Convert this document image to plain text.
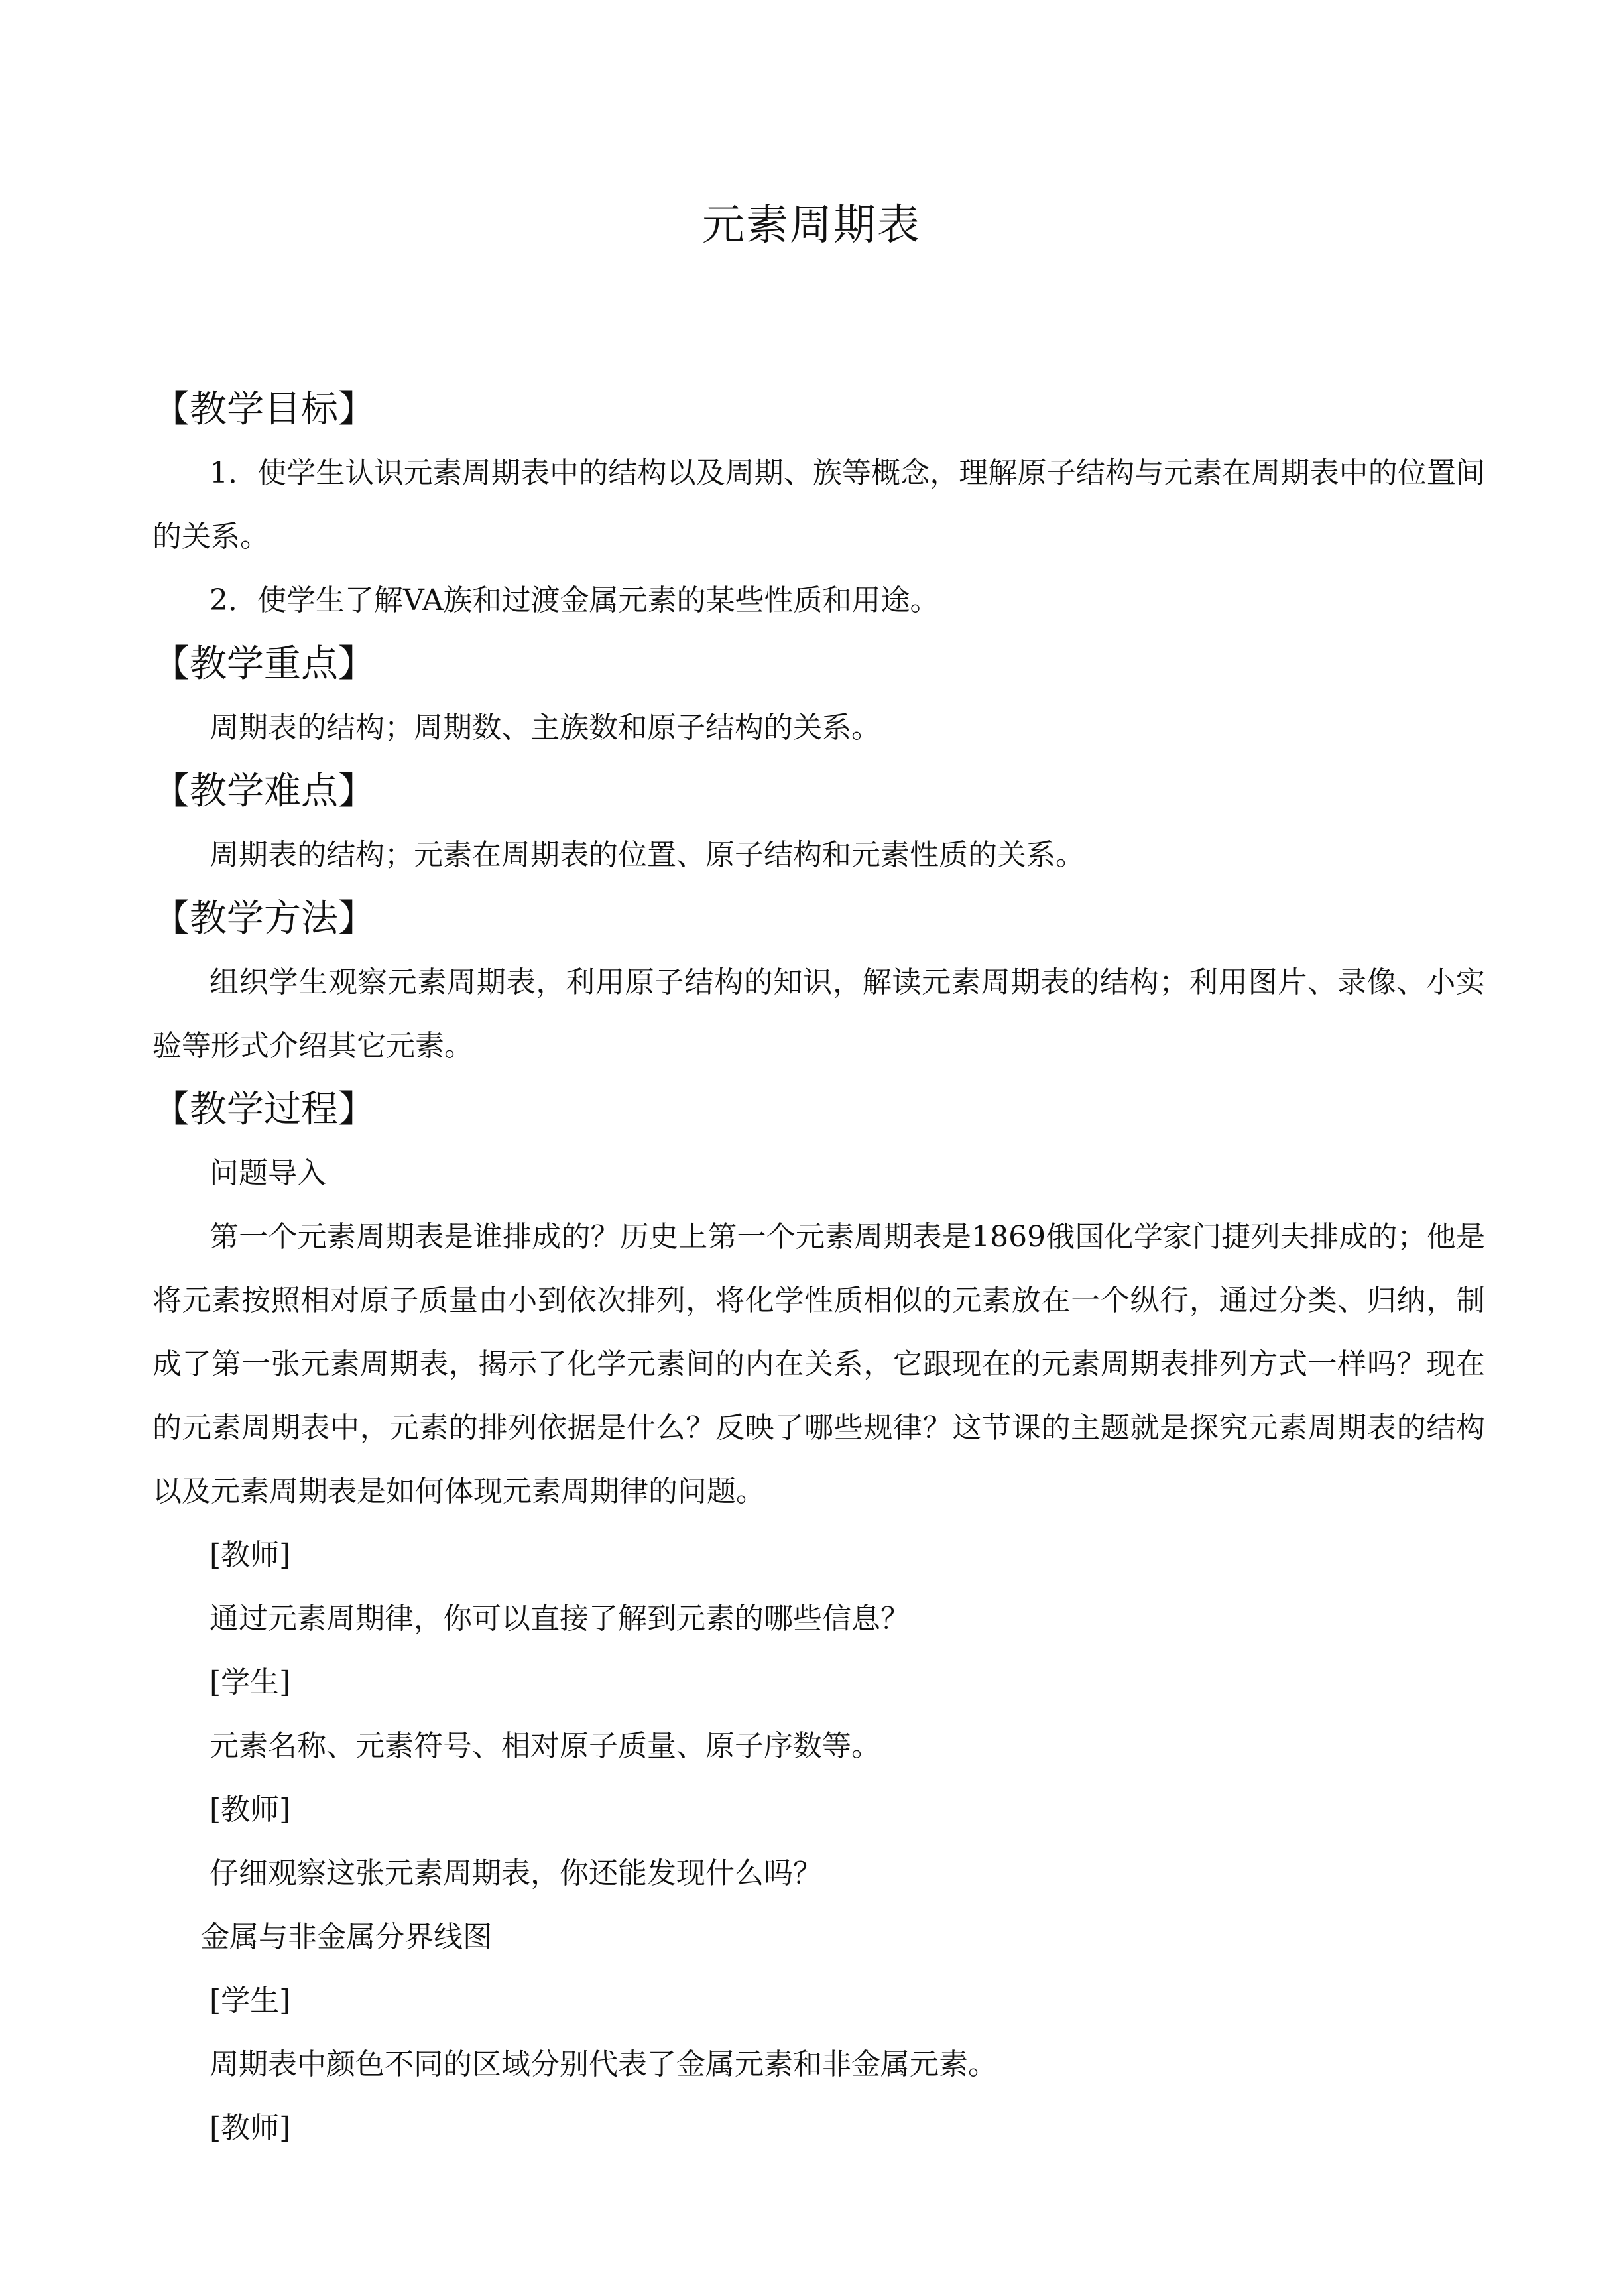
元素周期表
【教学目标】

1．使学生认识元素周期表中的结构以及周期、族等概念，理解原子结构与元素在周期表中的位置间的关系。

2．使学生了解VA族和过渡金属元素的某些性质和用途。

【教学重点】

周期表的结构；周期数、主族数和原子结构的关系。

【教学难点】

周期表的结构；元素在周期表的位置、原子结构和元素性质的关系。

【教学方法】

组织学生观察元素周期表，利用原子结构的知识，解读元素周期表的结构；利用图片、录像、小实验等形式介绍其它元素。

【教学过程】

问题导入

第一个元素周期表是谁排成的？历史上第一个元素周期表是1869俄国化学家门捷列夫排成的；他是将元素按照相对原子质量由小到依次排列，将化学性质相似的元素放在一个纵行，通过分类、归纳，制成了第一张元素周期表，揭示了化学元素间的内在关系，它跟现在的元素周期表排列方式一样吗？现在的元素周期表中，元素的排列依据是什么？反映了哪些规律？这节课的主题就是探究元素周期表的结构以及元素周期表是如何体现元素周期律的问题。

[教师]

通过元素周期律，你可以直接了解到元素的哪些信息？

[学生]

元素名称、元素符号、相对原子质量、原子序数等。

[教师]

仔细观察这张元素周期表，你还能发现什么吗？

金属与非金属分界线图

[学生]

周期表中颜色不同的区域分别代表了金属元素和非金属元素。

[教师]
